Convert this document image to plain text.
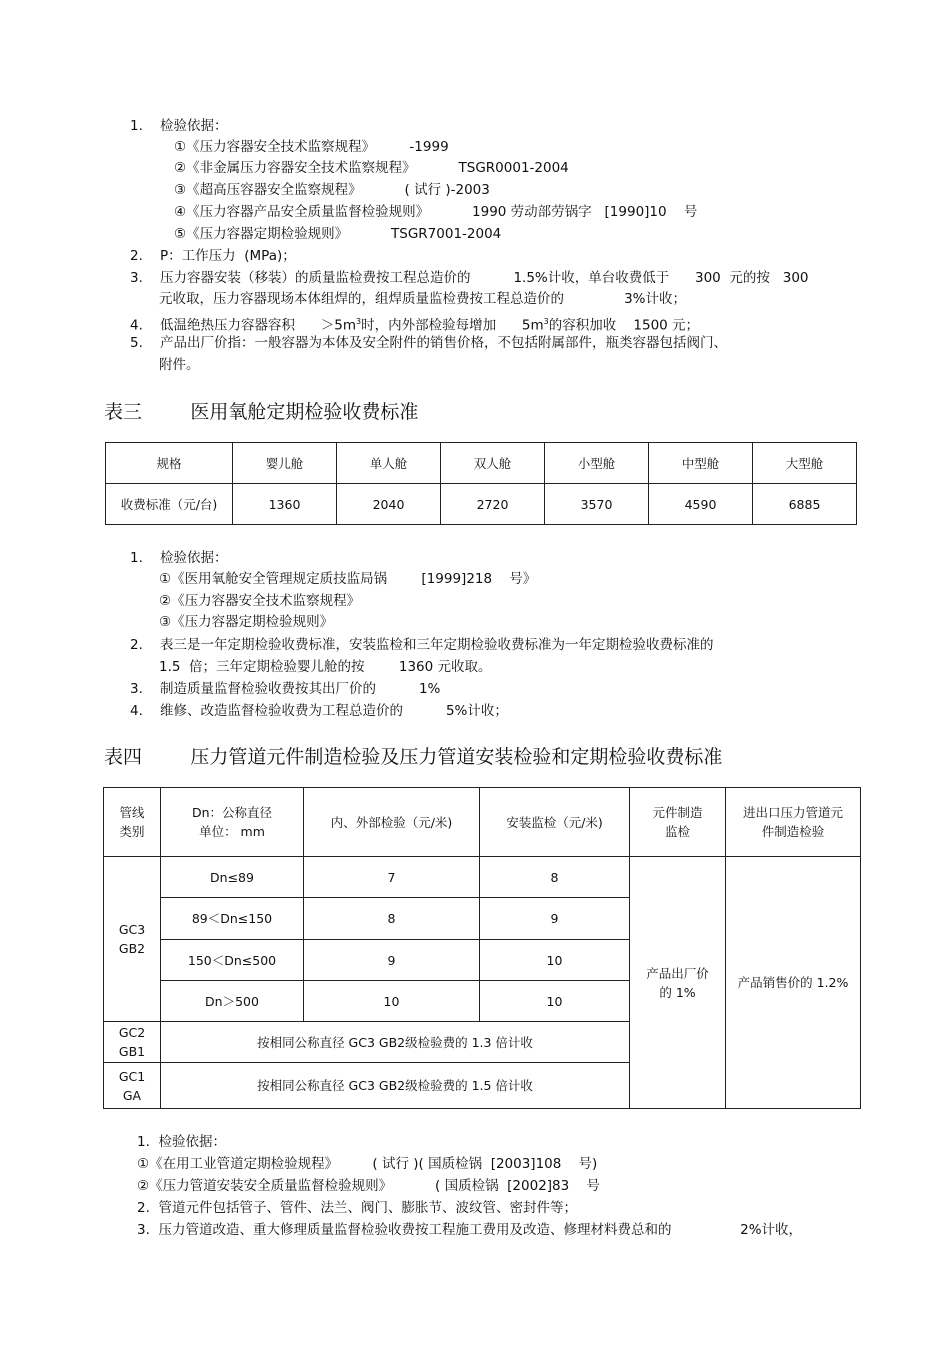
1.    检验依据：
①《压力容器安全技术监察规程》        -1999
②《非金属压力容器安全技术监察规程》          TSGR0001-2004
③《超高压容器安全监察规程》          ( 试行 )-2003
④《压力容器产品安全质量监督检验规则》          1990 劳动部劳锅字   [1990]10    号
⑤《压力容器定期检验规则》          TSGR7001-2004
2.    P：工作压力  (MPa)；
3.    压力容器安装（移装）的质量监检费按工程总造价的          1.5%计收，单台收费低于      300  元的按   300
元收取，压力容器现场本体组焊的，组焊质量监检费按工程总造价的              3%计收；
4.    低温绝热压力容器容积      $>5m^3$时，内外部检验每增加      $5m^3$的容积加收    1500 元；
5.    产品出厂价指：一般容器为本体及安全附件的销售价格，不包括附属部件，瓶类容器包括阀门、
附件。
表三        医用氧舱定期检验收费标准
规格	婴儿舱	单人舱	双人舱	小型舱	中型舱	大型舱
收费标准（元/台)	1360	2040	2720	3570	4590	6885
1.    检验依据：
①《医用氧舱安全管理规定质技监局锅        [1999]218    号》
②《压力容器安全技术监察规程》
③《压力容器定期检验规则》
2.    表三是一年定期检验收费标准，安装监检和三年定期检验收费标准为一年定期检验收费标准的
1.5  倍；三年定期检验婴儿舱的按        1360 元收取。
3.    制造质量监督检验收费按其出厂价的          1%
4.    维修、改造监督检验收费为工程总造价的          5%计收；
表四        压力管道元件制造检验及压力管道安装检验和定期检验收费标准
管线
类别	Dn：公称直径
单位： mm	内、外部检验（元/米)	安装监检（元/米)	元件制造
监检	进出口压力管道元
件制造检验
GC3
GB2	Dn≤89	7	8	产品出厂价
的 1%	产品销售价的 1.2%
	89＜Dn≤150	8	9		
	150＜Dn≤500	9	10		
	Dn＞500	10	10		
GC2
GB1	按相同公称直径 GC3 GB2级检验费的 1.3 倍计收				
GC1
GA	按相同公称直径 GC3 GB2级检验费的 1.5 倍计收				
1.  检验依据：
①《在用工业管道定期检验规程》        ( 试行 )( 国质检锅  [2003]108    号)
②《压力管道安装安全质量监督检验规则》          ( 国质检锅  [2002]83    号
2.  管道元件包括管子、管件、法兰、阀门、膨胀节、波纹管、密封件等；
3.  压力管道改造、重大修理质量监督检验收费按工程施工费用及改造、修理材料费总和的                2%计收，
